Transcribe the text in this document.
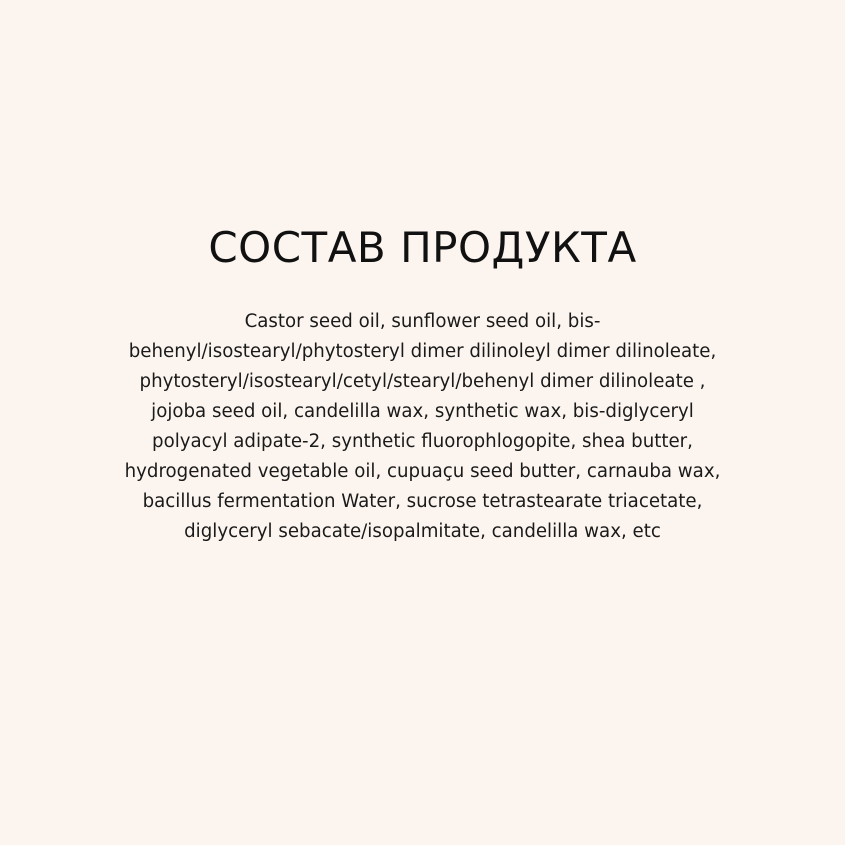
СОСТАВ ПРОДУКТА

Castor seed oil, sunflower seed oil, bis-behenyl/isostearyl/phytosteryl dimer dilinoleyl dimer dilinoleate, phytosteryl/isostearyl/cetyl/stearyl/behenyl dimer dilinoleate , jojoba seed oil, candelilla wax, synthetic wax, bis-diglyceryl polyacyl adipate-2, synthetic fluorophlogopite, shea butter, hydrogenated vegetable oil, cupuaçu seed butter, carnauba wax, bacillus fermentation Water, sucrose tetrastearate triacetate, diglyceryl sebacate/isopalmitate, candelilla wax, etc
